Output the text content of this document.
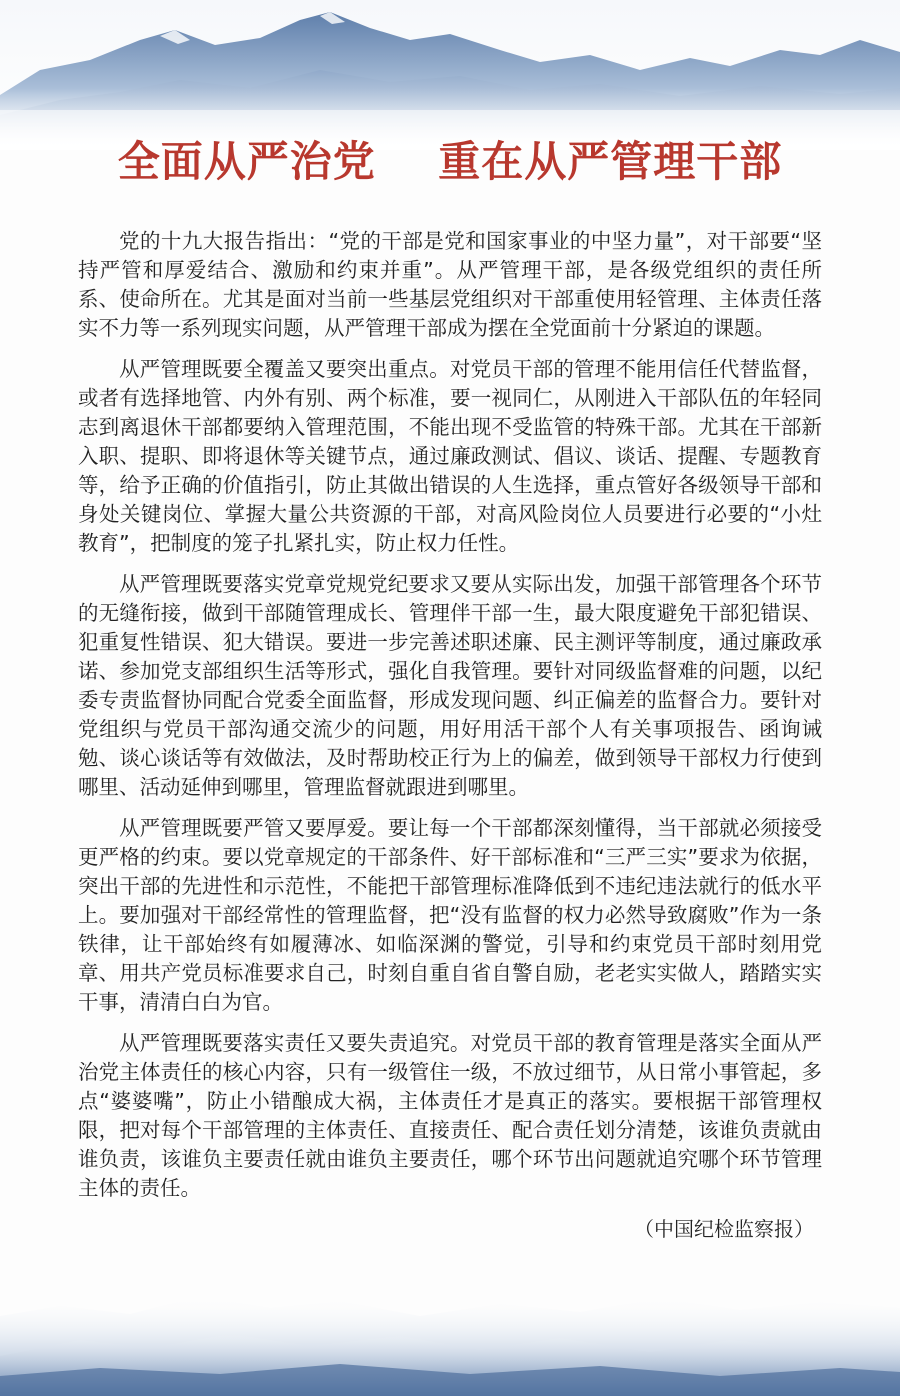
全面从严治党    重在从严管理干部

党的十九大报告指出：“党的干部是党和国家事业的中坚力量”，对干部要“坚持严管和厚爱结合、激励和约束并重”。从严管理干部，是各级党组织的责任所系、使命所在。尤其是面对当前一些基层党组织对干部重使用轻管理、主体责任落实不力等一系列现实问题，从严管理干部成为摆在全党面前十分紧迫的课题。

从严管理既要全覆盖又要突出重点。对党员干部的管理不能用信任代替监督，或者有选择地管、内外有别、两个标准，要一视同仁，从刚进入干部队伍的年轻同志到离退休干部都要纳入管理范围，不能出现不受监管的特殊干部。尤其在干部新入职、提职、即将退休等关键节点，通过廉政测试、倡议、谈话、提醒、专题教育等，给予正确的价值指引，防止其做出错误的人生选择，重点管好各级领导干部和身处关键岗位、掌握大量公共资源的干部，对高风险岗位人员要进行必要的“小灶教育”，把制度的笼子扎紧扎实，防止权力任性。

从严管理既要落实党章党规党纪要求又要从实际出发，加强干部管理各个环节的无缝衔接，做到干部随管理成长、管理伴干部一生，最大限度避免干部犯错误、犯重复性错误、犯大错误。要进一步完善述职述廉、民主测评等制度，通过廉政承诺、参加党支部组织生活等形式，强化自我管理。要针对同级监督难的问题，以纪委专责监督协同配合党委全面监督，形成发现问题、纠正偏差的监督合力。要针对党组织与党员干部沟通交流少的问题，用好用活干部个人有关事项报告、函询诫勉、谈心谈话等有效做法，及时帮助校正行为上的偏差，做到领导干部权力行使到哪里、活动延伸到哪里，管理监督就跟进到哪里。

从严管理既要严管又要厚爱。要让每一个干部都深刻懂得，当干部就必须接受更严格的约束。要以党章规定的干部条件、好干部标准和“三严三实”要求为依据，突出干部的先进性和示范性，不能把干部管理标准降低到不违纪违法就行的低水平上。要加强对干部经常性的管理监督，把“没有监督的权力必然导致腐败”作为一条铁律，让干部始终有如履薄冰、如临深渊的警觉，引导和约束党员干部时刻用党章、用共产党员标准要求自己，时刻自重自省自警自励，老老实实做人，踏踏实实干事，清清白白为官。

从严管理既要落实责任又要失责追究。对党员干部的教育管理是落实全面从严治党主体责任的核心内容，只有一级管住一级，不放过细节，从日常小事管起，多点“婆婆嘴”，防止小错酿成大祸，主体责任才是真正的落实。要根据干部管理权限，把对每个干部管理的主体责任、直接责任、配合责任划分清楚，该谁负责就由谁负责，该谁负主要责任就由谁负主要责任，哪个环节出问题就追究哪个环节管理主体的责任。

（中国纪检监察报）
